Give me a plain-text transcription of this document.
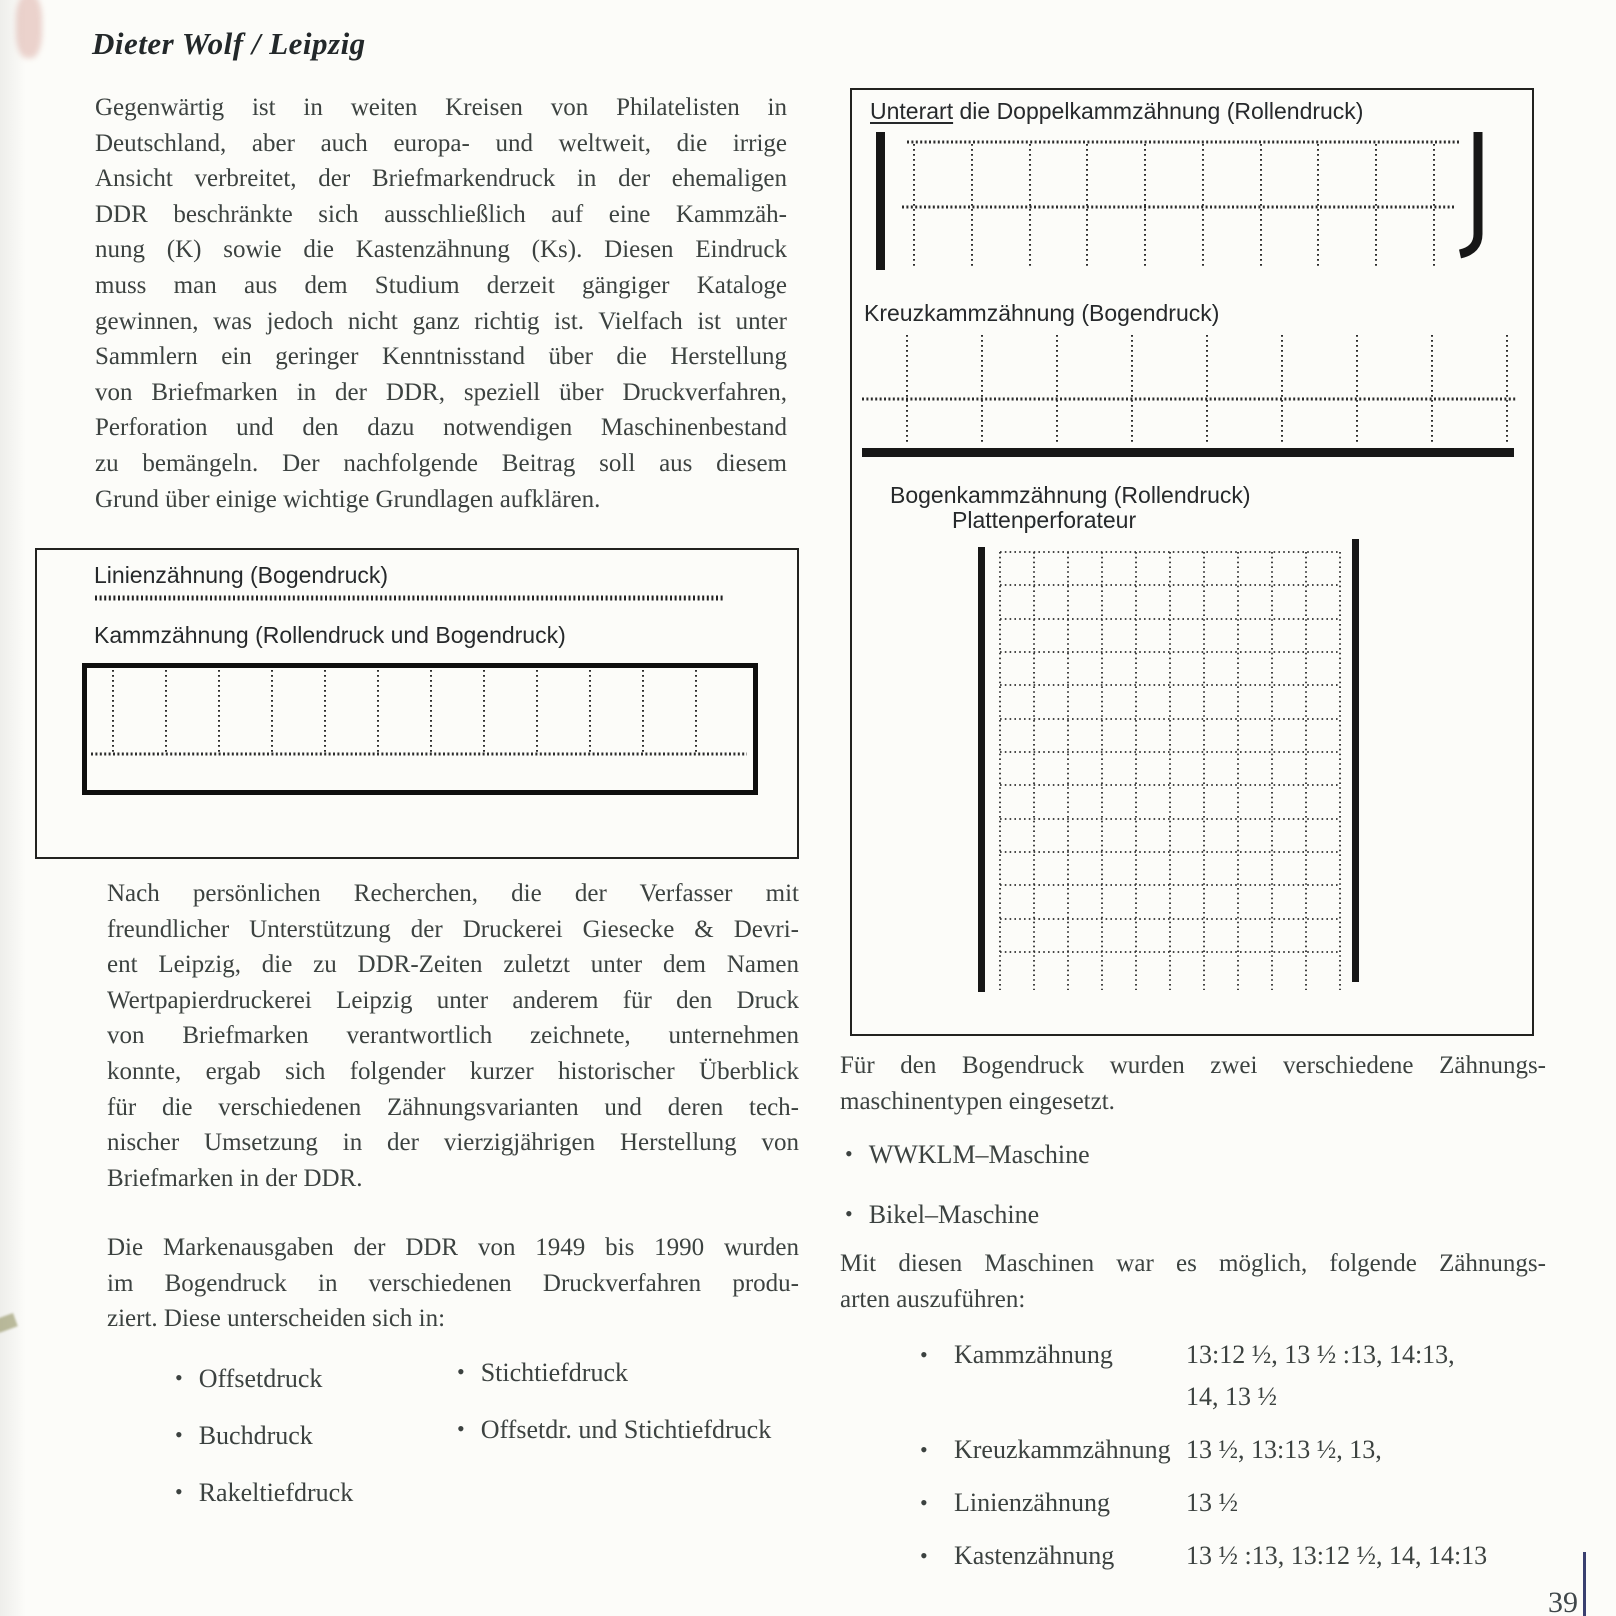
Dieter Wolf / Leipzig
Gegenwärtig ist in weiten Kreisen von Philatelisten in
Deutschland, aber auch europa- und weltweit, die irrige
Ansicht verbreitet, der Briefmarkendruck in der ehemaligen
DDR beschränkte sich ausschließlich auf eine Kammzäh-
nung (K) sowie die Kastenzähnung (Ks). Diesen Eindruck
muss man aus dem Studium derzeit gängiger Kataloge
gewinnen, was jedoch nicht ganz richtig ist. Vielfach ist unter
Sammlern ein geringer Kenntnisstand über die Herstellung
von Briefmarken in der DDR, speziell über Druckverfahren,
Perforation und den dazu notwendigen Maschinenbestand
zu bemängeln. Der nachfolgende Beitrag soll aus diesem
Grund über einige wichtige Grundlagen aufklären.
Linienzähnung (Bogendruck)
Kammzähnung (Rollendruck und Bogendruck)
Nach persönlichen Recherchen, die der Verfasser mit
freundlicher Unterstützung der Druckerei Giesecke & Devri-
ent Leipzig, die zu DDR-Zeiten zuletzt unter dem Namen
Wertpapierdruckerei Leipzig unter anderem für den Druck
von Briefmarken verantwortlich zeichnete, unternehmen
konnte, ergab sich folgender kurzer historischer Überblick
für die verschiedenen Zähnungsvarianten und deren tech-
nischer Umsetzung in der vierzigjährigen Herstellung von
Briefmarken in der DDR.
Die Markenausgaben der DDR von 1949 bis 1990 wurden
im Bogendruck in verschiedenen Druckverfahren produ-
ziert. Diese unterscheiden sich in:
• Offsetdruck
• Buchdruck
• Rakeltiefdruck
• Stichtiefdruck
• Offsetdr. und Stichtiefdruck
Unterart die Doppelkammzähnung (Rollendruck)
Kreuzkammzähnung (Bogendruck)
Bogenkammzähnung (Rollendruck)
Plattenperforateur
Für den Bogendruck wurden zwei verschiedene Zähnungs-
maschinentypen eingesetzt.
• WWKLM–Maschine
• Bikel–Maschine
Mit diesen Maschinen war es möglich, folgende Zähnungs-
arten auszuführen:
•	Kammzähnung	13:12 ½, 13 ½ :13, 14:13,
14, 13 ½
•	Kreuzkammzähnung 13 ½, 13:13 ½, 13,
•	Linienzähnung	13 ½
•	Kastenzähnung	13 ½ :13, 13:12 ½, 14, 14:13
39
